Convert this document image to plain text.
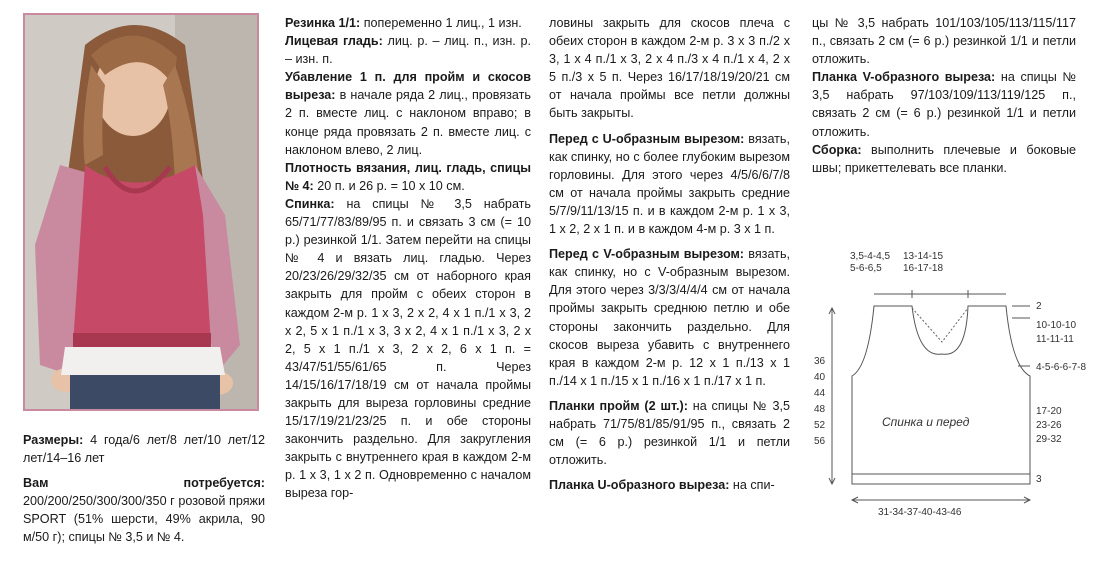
Размеры: 4 года/6 лет/8 лет/10 лет/12 лет/14–16 лет

Вам потребуется: 200/200/250/300/300/350 г розовой пряжи SPORT (51% шерсти, 49% акрила, 90 м/50 г); спицы № 3,5 и № 4.

Резинка 1/1: попеременно 1 лиц., 1 изн.

Лицевая гладь: лиц. р. – лиц. п., изн. р. – изн. п.

Убавление 1 п. для пройм и скосов выреза: в начале ряда 2 лиц., провязать 2 п. вместе лиц. с наклоном вправо; в конце ряда провязать 2 п. вместе лиц. с наклоном влево, 2 лиц.

Плотность вязания, лиц. гладь, спицы № 4: 20 п. и 26 р. = 10 х 10 см.

Спинка: на спицы № 3,5 набрать 65/71/77/83/89/95 п. и связать 3 см (= 10 р.) резинкой 1/1. Затем перейти на спицы № 4 и вязать лиц. гладью. Через 20/23/26/29/32/35 см от наборного края закрыть для пройм с обеих сторон в каждом 2-м р. 1 х 3, 2 х 2, 4 х 1 п./1 х 3, 2 х 2, 5 х 1 п./1 х 3, 3 х 2, 4 х 1 п./1 х 3, 2 х 2, 5 х 1 п./1 х 3, 2 х 2, 6 х 1 п. = 43/47/51/55/61/65 п. Через 14/15/16/17/18/19 см от начала проймы закрыть для выреза горловины средние 15/17/19/21/23/25 п. и обе стороны закончить раздельно. Для закругления закрыть с внутреннего края в каждом 2-м р. 1 х 3, 1 х 2 п. Одновременно с началом выреза гор-

ловины закрыть для скосов плеча с обеих сторон в каждом 2-м р. 3 х 3 п./2 х 3, 1 х 4 п./1 х 3, 2 х 4 п./3 х 4 п./1 х 4, 2 х 5 п./3 х 5 п. Через 16/17/18/19/20/21 см от начала проймы все петли должны быть закрыты.

Перед с U-образным вырезом: вязать, как спинку, но с более глубоким вырезом горловины. Для этого через 4/5/6/6/7/8 см от начала проймы закрыть средние 5/7/9/11/13/15 п. и в каждом 2-м р. 1 х 3, 1 х 2, 2 х 1 п. и в каждом 4-м р. 3 х 1 п.

Перед с V-образным вырезом: вязать, как спинку, но с V-образным вырезом. Для этого через 3/3/3/4/4/4 см от начала проймы закрыть среднюю петлю и обе стороны закончить раздельно. Для скосов выреза убавить с внутреннего края в каждом 2-м р. 12 х 1 п./13 х 1 п./14 х 1 п./15 х 1 п./16 х 1 п./17 х 1 п.

Планки пройм (2 шт.): на спицы № 3,5 набрать 71/75/81/85/91/95 п., связать 2 см (= 6 р.) резинкой 1/1 и петли отложить.

Планка U-образного выреза: на спи-

цы № 3,5 набрать 101/103/105/113/115/117 п., связать 2 см (= 6 р.) резинкой 1/1 и петли отложить.

Планка V-образного выреза: на спицы № 3,5 набрать 97/103/109/113/119/125 п., связать 2 см (= 6 р.) резинкой 1/1 и петли отложить.

Сборка: выполнить плечевые и боковые швы; прикеттелевать все планки.

3,5-4-4,5
5-6-6,5
13-14-15
16-17-18
2
10-10-10
11-11-11
4-5-6-6-7-8
17-20
23-26
29-32
3
36
40
44
48
52
56
31-34-37-40-43-46
Спинка и перед
